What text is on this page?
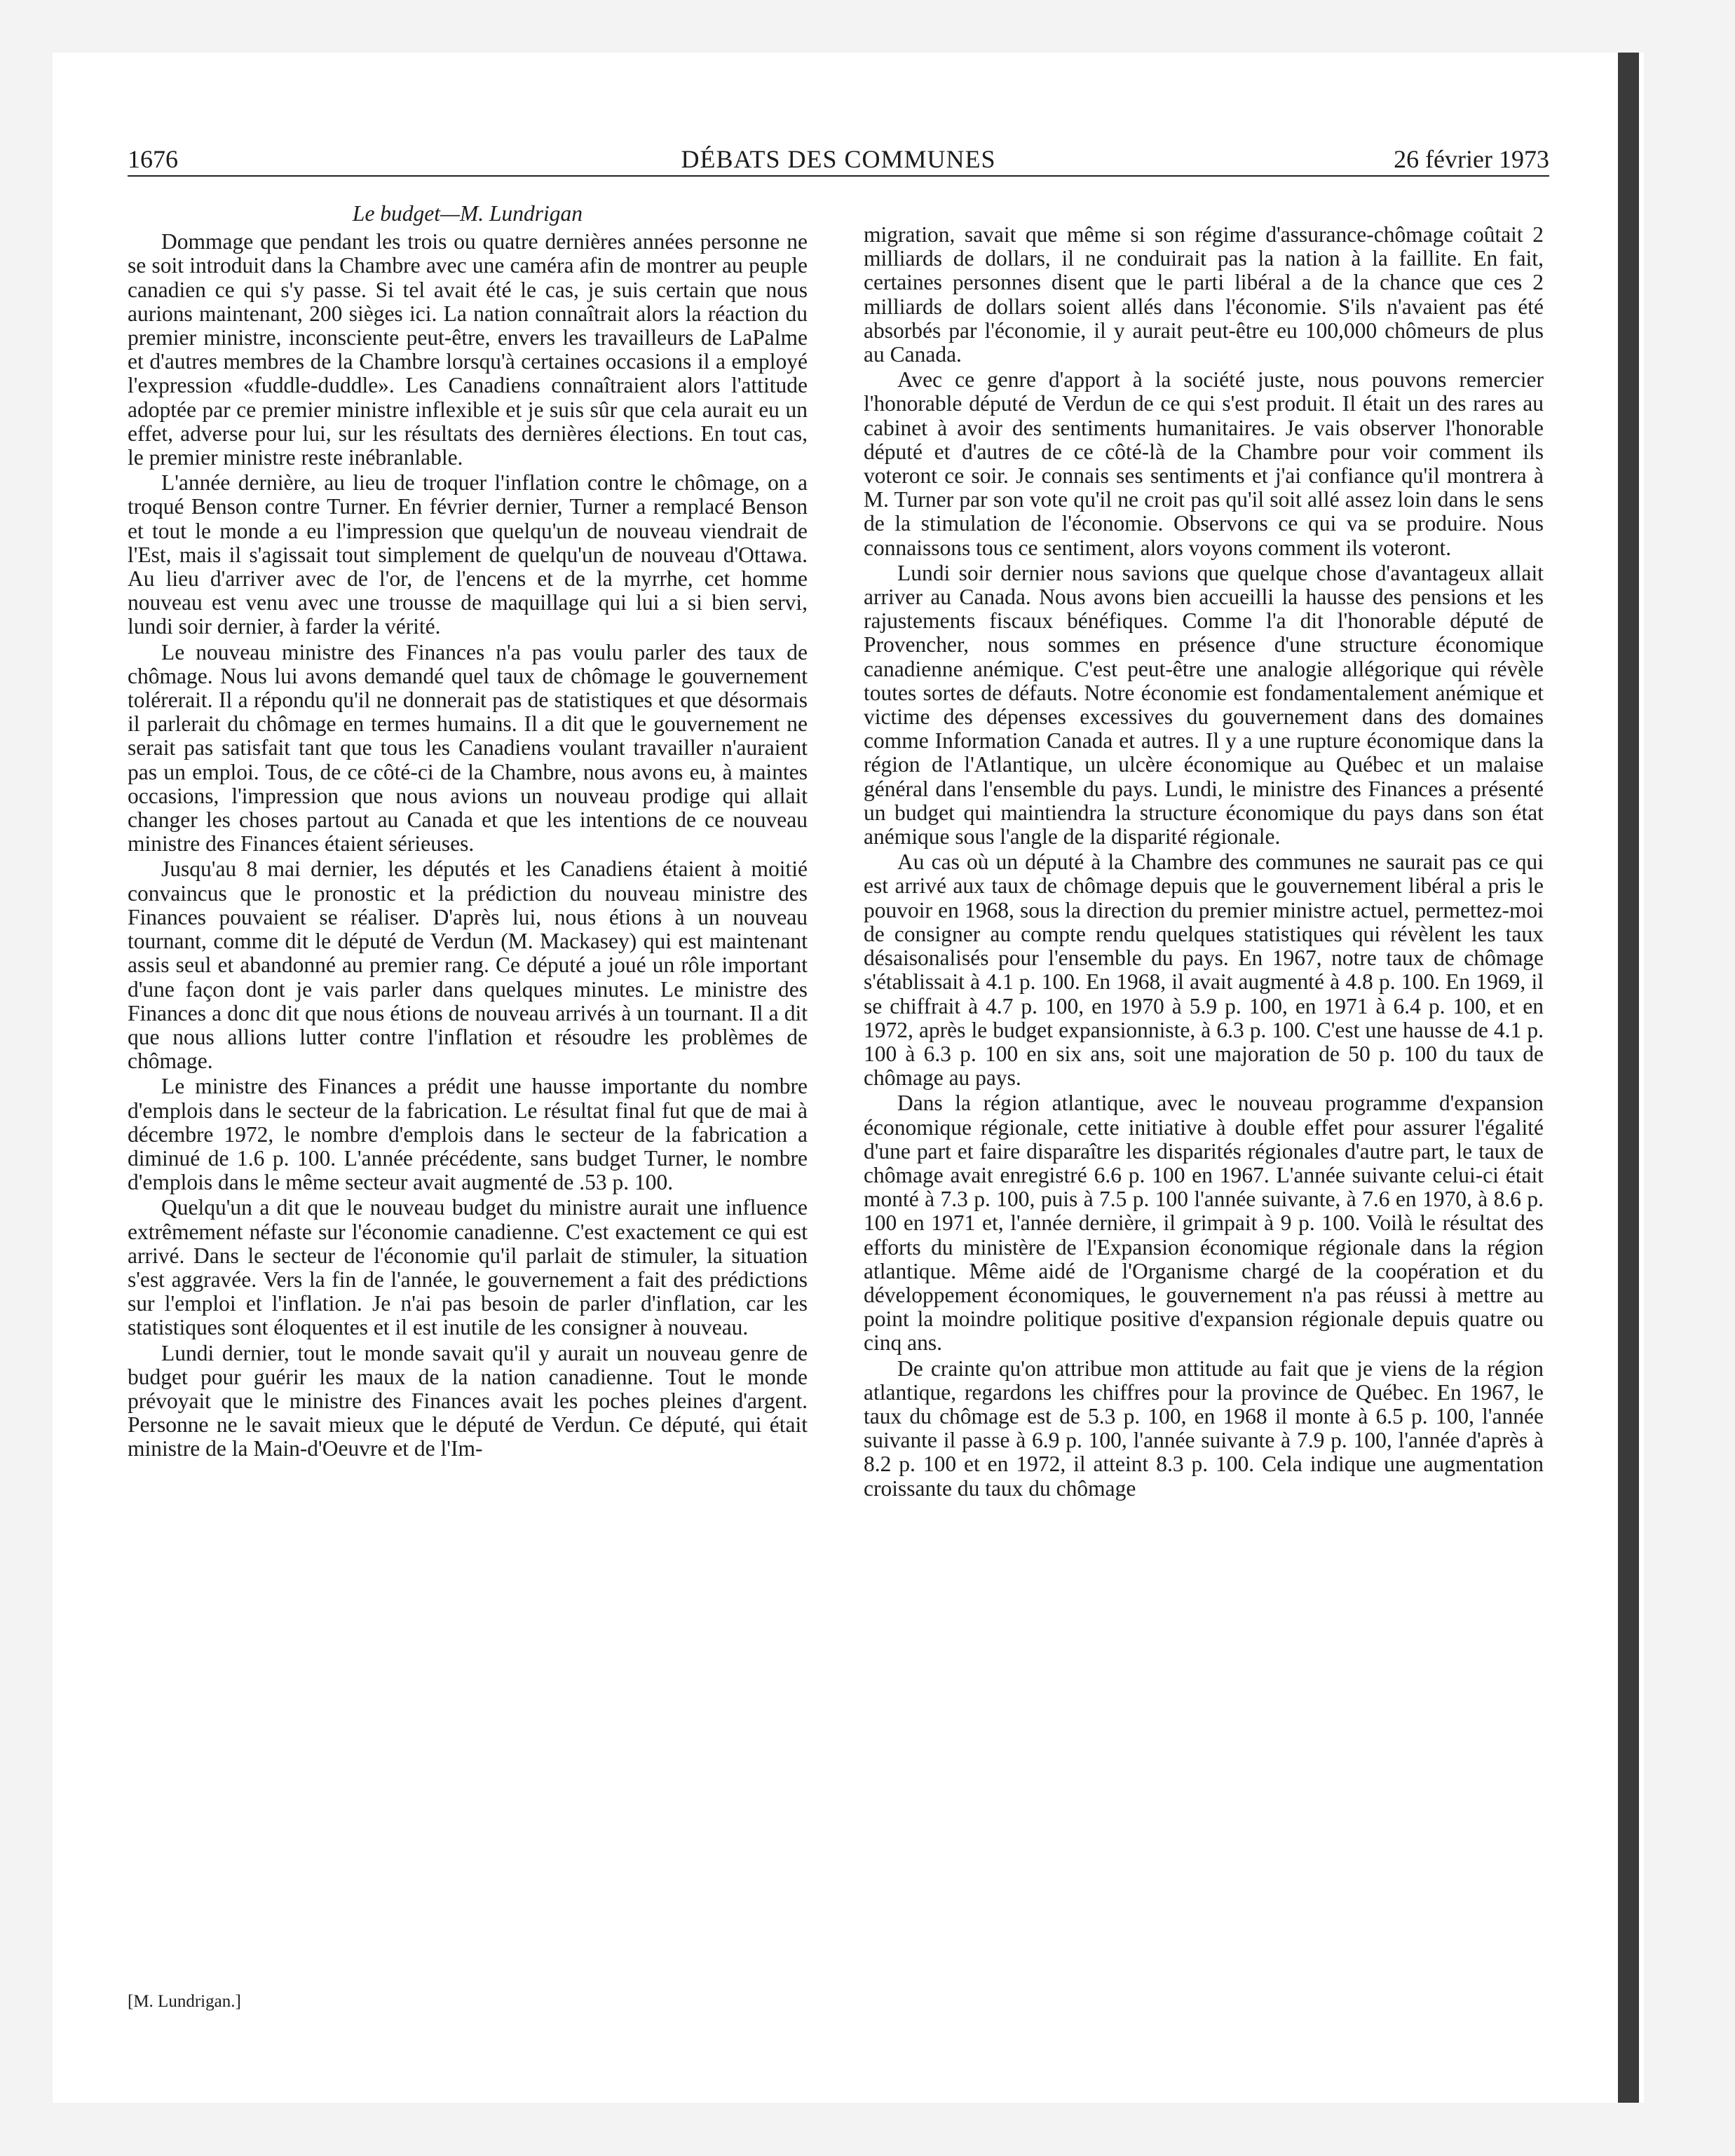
1676	DÉBATS DES COMMUNES	26 février 1973
Le budget—M. Lundrigan

Dommage que pendant les trois ou quatre dernières années personne ne se soit introduit dans la Chambre avec une caméra afin de montrer au peuple canadien ce qui s'y passe. Si tel avait été le cas, je suis certain que nous aurions maintenant, 200 sièges ici. La nation connaîtrait alors la réaction du premier ministre, inconsciente peut-être, envers les travailleurs de LaPalme et d'autres membres de la Chambre lorsqu'à certaines occasions il a employé l'expression «fuddle-duddle». Les Canadiens connaîtraient alors l'attitude adoptée par ce premier ministre inflexible et je suis sûr que cela aurait eu un effet, adverse pour lui, sur les résultats des dernières élections. En tout cas, le premier ministre reste inébranlable.

L'année dernière, au lieu de troquer l'inflation contre le chômage, on a troqué Benson contre Turner. En février dernier, Turner a remplacé Benson et tout le monde a eu l'impression que quelqu'un de nouveau viendrait de l'Est, mais il s'agissait tout simplement de quelqu'un de nouveau d'Ottawa. Au lieu d'arriver avec de l'or, de l'encens et de la myrrhe, cet homme nouveau est venu avec une trousse de maquillage qui lui a si bien servi, lundi soir dernier, à farder la vérité.

Le nouveau ministre des Finances n'a pas voulu parler des taux de chômage. Nous lui avons demandé quel taux de chômage le gouvernement tolérerait. Il a répondu qu'il ne donnerait pas de statistiques et que désormais il parlerait du chômage en termes humains. Il a dit que le gouvernement ne serait pas satisfait tant que tous les Canadiens voulant travailler n'auraient pas un emploi. Tous, de ce côté-ci de la Chambre, nous avons eu, à maintes occasions, l'impression que nous avions un nouveau prodige qui allait changer les choses partout au Canada et que les intentions de ce nouveau ministre des Finances étaient sérieuses.

Jusqu'au 8 mai dernier, les députés et les Canadiens étaient à moitié convaincus que le pronostic et la prédiction du nouveau ministre des Finances pouvaient se réaliser. D'après lui, nous étions à un nouveau tournant, comme dit le député de Verdun (M. Mackasey) qui est maintenant assis seul et abandonné au premier rang. Ce député a joué un rôle important d'une façon dont je vais parler dans quelques minutes. Le ministre des Finances a donc dit que nous étions de nouveau arrivés à un tournant. Il a dit que nous allions lutter contre l'inflation et résoudre les problèmes de chômage.

Le ministre des Finances a prédit une hausse importante du nombre d'emplois dans le secteur de la fabrication. Le résultat final fut que de mai à décembre 1972, le nombre d'emplois dans le secteur de la fabrication a diminué de 1.6 p. 100. L'année précédente, sans budget Turner, le nombre d'emplois dans le même secteur avait augmenté de .53 p. 100.

Quelqu'un a dit que le nouveau budget du ministre aurait une influence extrêmement néfaste sur l'économie canadienne. C'est exactement ce qui est arrivé. Dans le secteur de l'économie qu'il parlait de stimuler, la situation s'est aggravée. Vers la fin de l'année, le gouvernement a fait des prédictions sur l'emploi et l'inflation. Je n'ai pas besoin de parler d'inflation, car les statistiques sont éloquentes et il est inutile de les consigner à nouveau.

Lundi dernier, tout le monde savait qu'il y aurait un nouveau genre de budget pour guérir les maux de la nation canadienne. Tout le monde prévoyait que le ministre des Finances avait les poches pleines d'argent. Personne ne le savait mieux que le député de Verdun. Ce député, qui était ministre de la Main-d'Oeuvre et de l'Im-

migration, savait que même si son régime d'assurance-chômage coûtait 2 milliards de dollars, il ne conduirait pas la nation à la faillite. En fait, certaines personnes disent que le parti libéral a de la chance que ces 2 milliards de dollars soient allés dans l'économie. S'ils n'avaient pas été absorbés par l'économie, il y aurait peut-être eu 100,000 chômeurs de plus au Canada.

Avec ce genre d'apport à la société juste, nous pouvons remercier l'honorable député de Verdun de ce qui s'est produit. Il était un des rares au cabinet à avoir des sentiments humanitaires. Je vais observer l'honorable député et d'autres de ce côté-là de la Chambre pour voir comment ils voteront ce soir. Je connais ses sentiments et j'ai confiance qu'il montrera à M. Turner par son vote qu'il ne croit pas qu'il soit allé assez loin dans le sens de la stimulation de l'économie. Observons ce qui va se produire. Nous connaissons tous ce sentiment, alors voyons comment ils voteront.

Lundi soir dernier nous savions que quelque chose d'avantageux allait arriver au Canada. Nous avons bien accueilli la hausse des pensions et les rajustements fiscaux bénéfiques. Comme l'a dit l'honorable député de Provencher, nous sommes en présence d'une structure économique canadienne anémique. C'est peut-être une analogie allégorique qui révèle toutes sortes de défauts. Notre économie est fondamentalement anémique et victime des dépenses excessives du gouvernement dans des domaines comme Information Canada et autres. Il y a une rupture économique dans la région de l'Atlantique, un ulcère économique au Québec et un malaise général dans l'ensemble du pays. Lundi, le ministre des Finances a présenté un budget qui maintiendra la structure économique du pays dans son état anémique sous l'angle de la disparité régionale.

Au cas où un député à la Chambre des communes ne saurait pas ce qui est arrivé aux taux de chômage depuis que le gouvernement libéral a pris le pouvoir en 1968, sous la direction du premier ministre actuel, permettez-moi de consigner au compte rendu quelques statistiques qui révèlent les taux désaisonalisés pour l'ensemble du pays. En 1967, notre taux de chômage s'établissait à 4.1 p. 100. En 1968, il avait augmenté à 4.8 p. 100. En 1969, il se chiffrait à 4.7 p. 100, en 1970 à 5.9 p. 100, en 1971 à 6.4 p. 100, et en 1972, après le budget expansionniste, à 6.3 p. 100. C'est une hausse de 4.1 p. 100 à 6.3 p. 100 en six ans, soit une majoration de 50 p. 100 du taux de chômage au pays.

Dans la région atlantique, avec le nouveau programme d'expansion économique régionale, cette initiative à double effet pour assurer l'égalité d'une part et faire disparaître les disparités régionales d'autre part, le taux de chômage avait enregistré 6.6 p. 100 en 1967. L'année suivante celui-ci était monté à 7.3 p. 100, puis à 7.5 p. 100 l'année suivante, à 7.6 en 1970, à 8.6 p. 100 en 1971 et, l'année dernière, il grimpait à 9 p. 100. Voilà le résultat des efforts du ministère de l'Expansion économique régionale dans la région atlantique. Même aidé de l'Organisme chargé de la coopération et du développement économiques, le gouvernement n'a pas réussi à mettre au point la moindre politique positive d'expansion régionale depuis quatre ou cinq ans.

De crainte qu'on attribue mon attitude au fait que je viens de la région atlantique, regardons les chiffres pour la province de Québec. En 1967, le taux du chômage est de 5.3 p. 100, en 1968 il monte à 6.5 p. 100, l'année suivante il passe à 6.9 p. 100, l'année suivante à 7.9 p. 100, l'année d'après à 8.2 p. 100 et en 1972, il atteint 8.3 p. 100. Cela indique une augmentation croissante du taux du chômage

[M. Lundrigan.]
